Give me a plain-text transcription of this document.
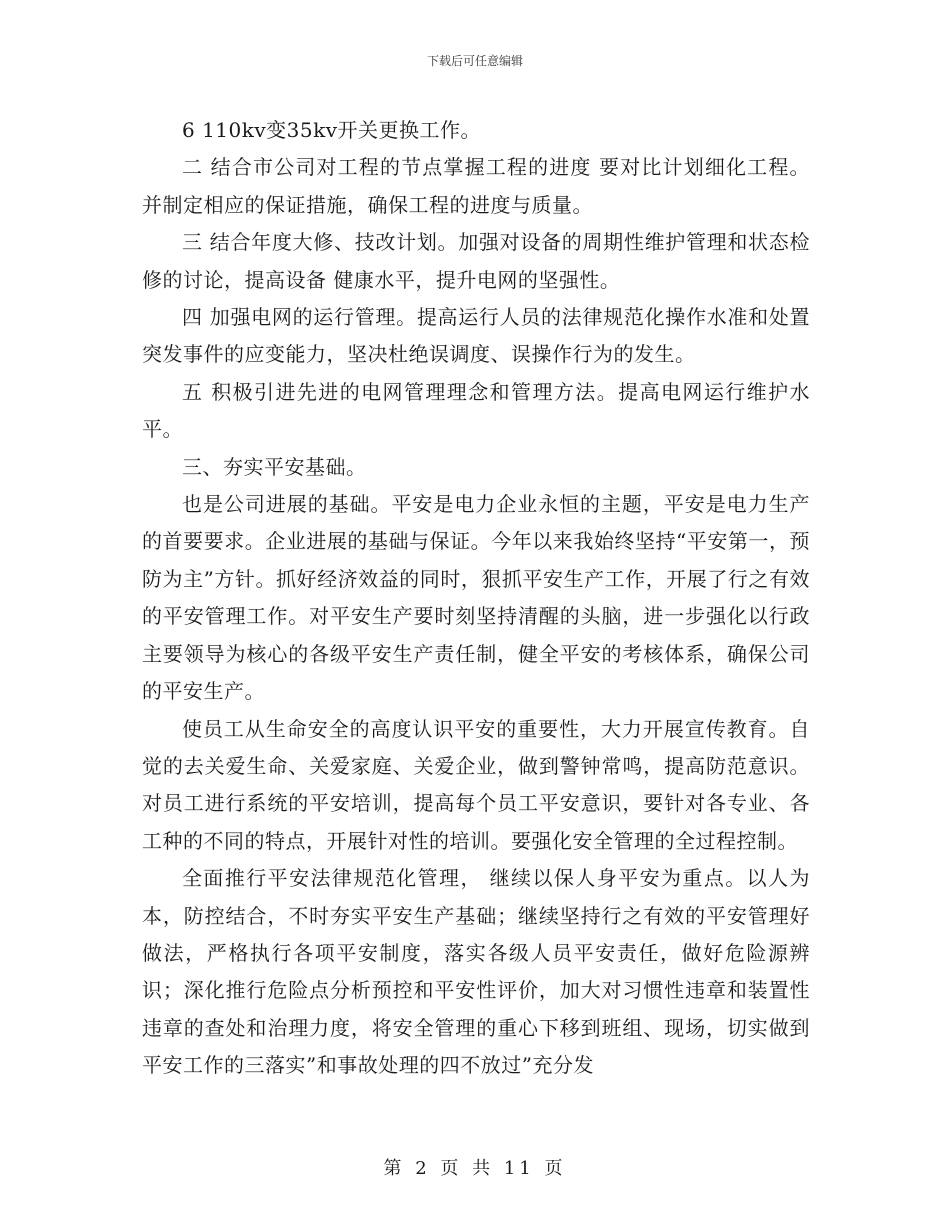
下载后可任意编辑

6 110kv变35kv开关更换工作。

二 结合市公司对工程的节点掌握工程的进度 要对比计划细化工程。并制定相应的保证措施，确保工程的进度与质量。

三 结合年度大修、技改计划。加强对设备的周期性维护管理和状态检修的讨论，提高设备 健康水平，提升电网的坚强性。

四 加强电网的运行管理。提高运行人员的法律规范化操作水准和处置突发事件的应变能力，坚决杜绝误调度、误操作行为的发生。

五 积极引进先进的电网管理理念和管理方法。提高电网运行维护水平。

三、夯实平安基础。

也是公司进展的基础。平安是电力企业永恒的主题，平安是电力生产的首要要求。企业进展的基础与保证。今年以来我始终坚持“平安第一，预防为主”方针。抓好经济效益的同时，狠抓平安生产工作，开展了行之有效的平安管理工作。对平安生产要时刻坚持清醒的头脑，进一步强化以行政主要领导为核心的各级平安生产责任制，健全平安的考核体系，确保公司的平安生产。

使员工从生命安全的高度认识平安的重要性，大力开展宣传教育。自觉的去关爱生命、关爱家庭、关爱企业，做到警钟常鸣，提高防范意识。对员工进行系统的平安培训，提高每个员工平安意识，要针对各专业、各工种的不同的特点，开展针对性的培训。要强化安全管理的全过程控制。

全面推行平安法律规范化管理， 继续以保人身平安为重点。以人为本，防控结合，不时夯实平安生产基础；继续坚持行之有效的平安管理好做法，严格执行各项平安制度，落实各级人员平安责任，做好危险源辨识；深化推行危险点分析预控和平安性评价，加大对习惯性违章和装置性违章的查处和治理力度，将安全管理的重心下移到班组、现场，切实做到平安工作的三落实”和事故处理的四不放过”充分发

第 2 页 共 11 页
